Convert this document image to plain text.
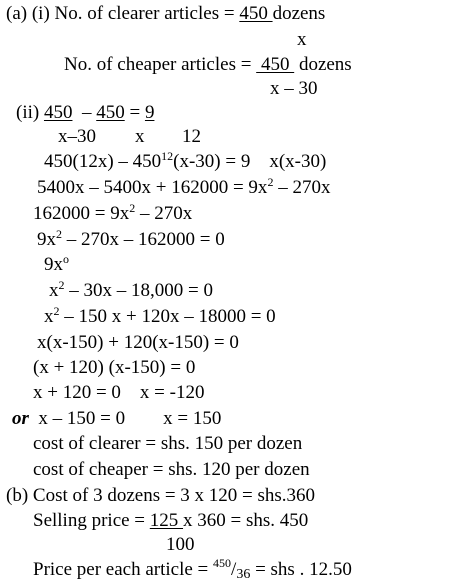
(a) (i) No. of clearer articles = 450 dozens
x
No. of cheaper articles =  450  dozens
x – 30
(ii) 450  – 450 = 9
x–30 x 12
$450(12x) - 450^{12}(x-30) = 9$    x(x-30)
$5400x - 5400x + 162000 = 9x^2 - 270x$
$162000 = 9x^2 - 270x$
$9x^2 - 270x - 162000 = 0$
$9x^o$
$x^2 - 30x - 18,000 = 0$
$x^2 - 150$ x + 120x – 18000 = 0
x(x-150) + 120(x-150) = 0
(x + 120) (x-150) = 0
x + 120 = 0    x = -120
or  x – 150 = 0        x = 150
cost of clearer = shs. 150 per dozen
cost of cheaper = shs. 120 per dozen
(b) Cost of 3 dozens = 3 x 120 = shs.360
Selling price = 125 x 360 = shs. 450
100
Price per each article = $^{450}$/36 = shs . 12.50
